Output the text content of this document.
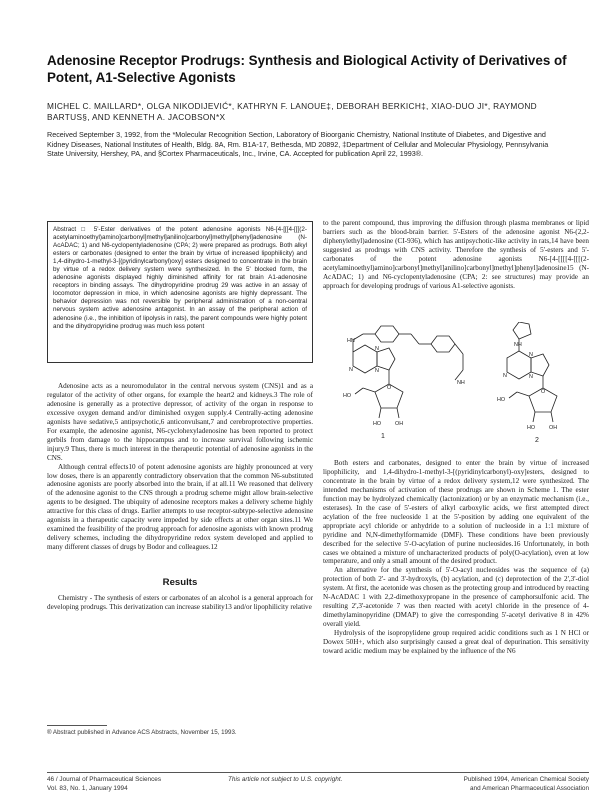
Adenosine Receptor Prodrugs: Synthesis and Biological Activity of Derivatives of Potent, A1-Selective Agonists
MICHEL C. MAILLARD*, OLGA NIKODIJEVIĆ*, KATHRYN F. LANOUE‡, DEBORAH BERKICH‡, XIAO-DUO JI*, RAYMOND BARTUS§, AND KENNETH A. JACOBSON*X
Received September 3, 1992, from the *Molecular Recognition Section, Laboratory of Bioorganic Chemistry, National Institute of Diabetes, and Digestive and Kidney Diseases, National Institutes of Health, Bldg. 8A, Rm. B1A-17, Bethesda, MD 20892, ‡Department of Cellular and Molecular Physiology, Pennsylvania State University, Hershey, PA, and §Cortex Pharmaceuticals, Inc., Irvine, CA. Accepted for publication April 22, 1993®.
Abstract □ 5'-Ester derivatives of the potent adenosine agonists N6-[4-[[[4-[[[(2-acetylaminoethyl)amino]carbonyl]methyl]anilino]carbonyl]methyl]phenyl]adenosine (N-AcADAC; 1) and N6-cyclopentyladenosine (CPA; 2) were prepared as prodrugs. Both alkyl esters or carbonates (designed to enter the brain by virtue of increased lipophilicity) and 1,4-dihydro-1-methyl-3-[(pyridinylcarbonyl)oxy] esters designed to concentrate in the brain by virtue of a redox delivery system were synthesized. In the 5' blocked form, the adenosine agonists displayed highly diminished affinity for rat brain A1-adenosine receptors in binding assays. The dihydropyridine prodrug 29 was active in an assay of locomotor depression in mice, in which adenosine agonists are highly depressant. The behavior depression was not reversible by peripheral administration of a non-central nervous system active adenosine antagonist. In an assay of the peripheral action of adenosine (i.e., the inhibition of lipolysis in rats), the parent compounds were highly potent and the dihydropyridine prodrug was much less potent

Adenosine acts as a neuromodulator in the central nervous system (CNS)1 and as a regulator of the activity of other organs, for example the heart2 and kidneys.3 The role of adenosine is generally as a protective depressor, of activity of the organ in response to excessive oxygen demand and/or diminished oxygen supply.4 Centrally-acting adenosine agonists have sedative,5 antipsychotic,6 anticonvulsant,7 and cerebroprotective properties. For example, the adenosine agonist, N6-cyclohexyladenosine has been reported to protect gerbils from damage to the hippocampus and to increase survival following ischemic injury.9 Thus, there is much interest in the therapeutic potential of adenosine agonists in the CNS.

Although central effects10 of potent adenosine agonists are highly pronounced at very low doses, there is an apparently contradictory observation that the common N6-substituted adenosine agonists are poorly absorbed into the brain, if at all.11 We reasoned that delivery of the adenosine agonist to the CNS through a prodrug scheme might allow brain-selective agents to be designed. The ubiquity of adenosine receptors makes a delivery scheme highly attractive for this class of drugs. Earlier attempts to use receptor-subtype-selective adenosine agonists in a therapeutic capacity were impeded by side effects at other organ sites.11 We examined the feasibility of the prodrug approach for adenosine agonists with known prodrug delivery schemes, including the dihydropyridine redox system developed and applied to many different classes of drugs by Bodor and colleagues.12

Results

Chemistry - The synthesis of esters or carbonates of an alcohol is a general approach for developing prodrugs. This derivatization can increase stability13 and/or lipophilicity relative

® Abstract published in Advance ACS Abstracts, November 15, 1993.

to the parent compound, thus improving the diffusion through plasma membranes or lipid barriers such as the blood-brain barrier. 5'-Esters of the adenosine agonist N6-(2,2-diphenylethyl)adenosine (CI-936), which has antipsychotic-like activity in rats,14 have been suggested as prodrugs with CNS activity. Therefore the synthesis of 5'-esters and 5'-carbonates of the potent adenosine agonists N6-[4-[[[[4-[[[(2-acetylaminoethyl)amino]carbonyl]methyl]anilino]carbonyl]methyl]phenyl]adenosine15 (N-AcADAC; 1) and N6-cyclopentyladenosine (CPA; 2: see structures) may provide an approach for developing prodrugs of various A1-selective agonists.

HO
HO	OH
O
HN
N
N
N
NH
1
NH
HO
HO	OH
O
N
N
N
2

Both esters and carbonates, designed to enter the brain by virtue of increased lipophilicity, and 1,4-dihydro-1-methyl-3-[(pyridinylcarbonyl)-oxy]esters, designed to concentrate in the brain by virtue of a redox delivery system,12 were synthesized. The intended mechanisms of activation of these prodrugs are shown in Scheme 1. The ester function may be hydrolyzed chemically (lactonization) or by an enzymatic mechanism (i.e., esterases). In the case of 5'-esters of alkyl carboxylic acids, we first attempted direct acylation of the free nucleoside 1 at the 5'-position by adding one equivalent of the appropriate acyl chloride or anhydride to a solution of nucleoside in a 1:1 mixture of pyridine and N,N-dimethylformamide (DMF). These conditions have been previously described for the selective 5'-O-acylation of purine nucleosides.16 Unfortunately, in both cases we obtained a mixture of uncharacterized products of poly(O-acylation), even at low temperature, and only a small amount of the desired product.

An alternative for the synthesis of 5'-O-acyl nucleosides was the sequence of (a) protection of both 2'- and 3'-hydroxyls, (b) acylation, and (c) deprotection of the 2',3'-diol system. At first, the acetonide was chosen as the protecting group and introduced by reacting N-AcADAC 1 with 2,2-dimethoxypropane in the presence of camphorsulfonic acid. The resulting 2',3'-acetonide 7 was then reacted with acetyl chloride in the presence of 4-dimethylaminopyridine (DMAP) to give the corresponding 5'-acetyl derivative 8 in 42% overall yield.

Hydrolysis of the isopropylidene group required acidic conditions such as 1 N HCl or Dowex 50H+, which also surprisingly caused a great deal of depurination. This sensitivity toward acidic medium may be explained by the influence of the N6

46 / Journal of Pharmaceutical Sciences
Vol. 83, No. 1, January 1994
This article not subject to U.S. copyright.	Published 1994, American Chemical Society
and American Pharmaceutical Association
